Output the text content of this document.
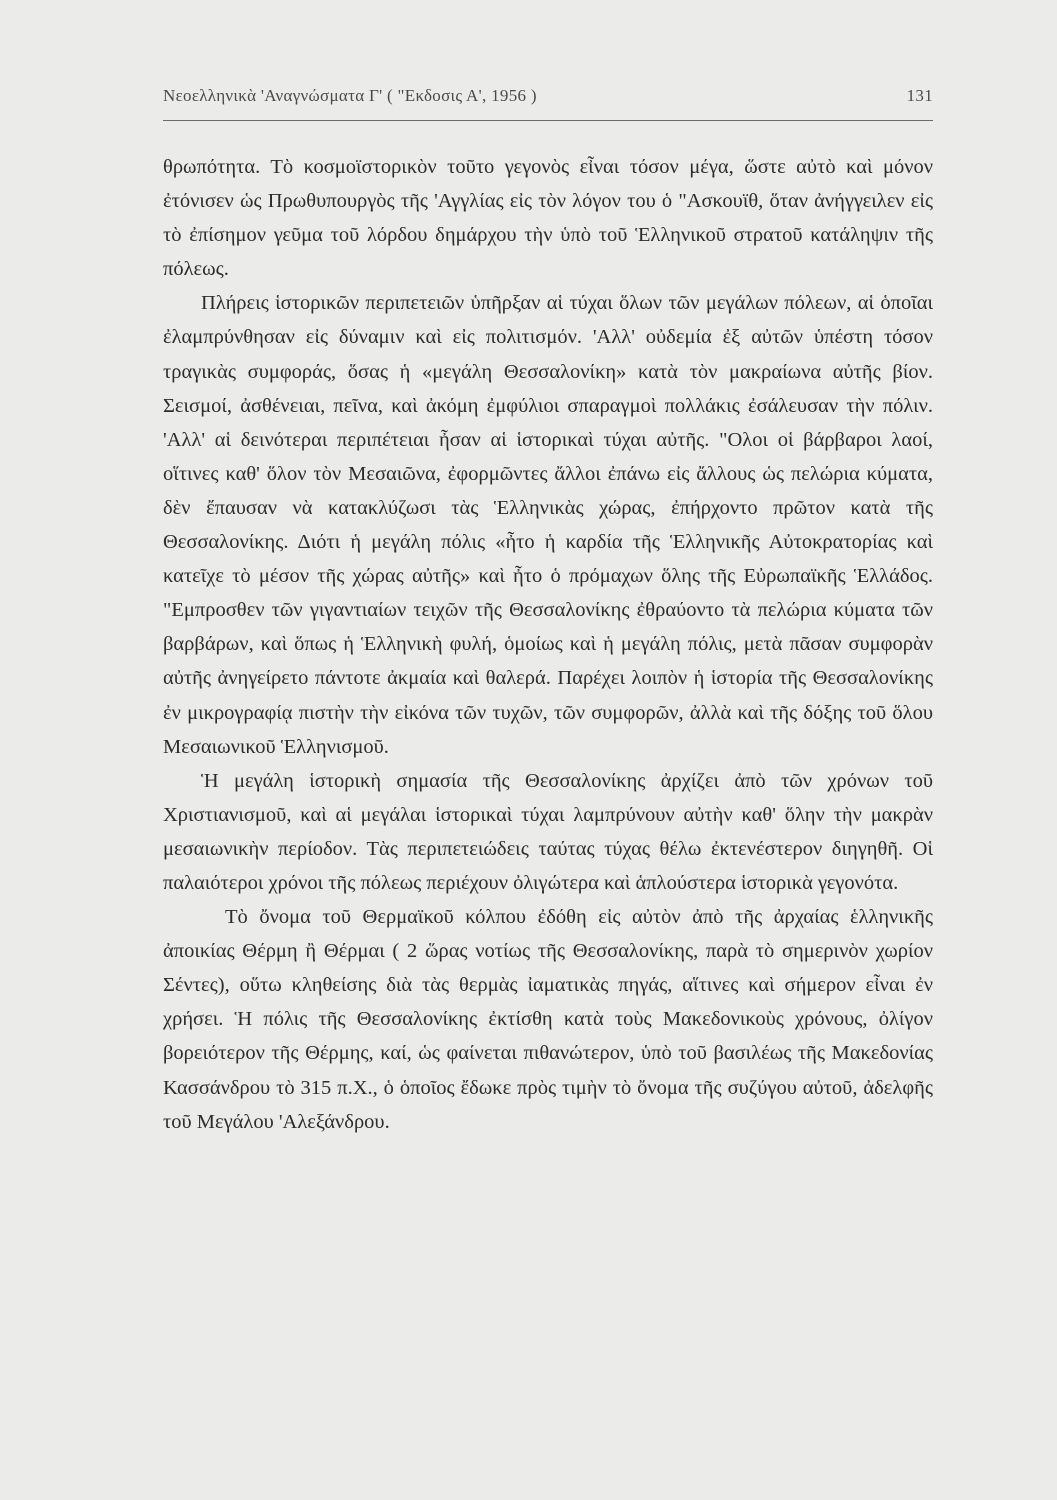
Νεοελληνικὰ 'Αναγνώσματα Γ' ( "Εκδοσις Α', 1956 )	131

θρωπότητα. Τὸ κοσμοϊστορικὸν τοῦτο γεγονὸς εἶναι τόσον μέγα, ὥστε αὐτὸ καὶ μόνον ἐτόνισεν ὡς Πρωθυπουργὸς τῆς 'Αγγλίας εἰς τὸν λόγον του ὁ "Ασκουϊθ, ὅταν ἀνήγγειλεν εἰς τὸ ἐπίσημον γεῦμα τοῦ λόρδου δημάρχου τὴν ὑπὸ τοῦ Ἑλληνικοῦ στρατοῦ κατάληψιν τῆς πόλεως.

Πλήρεις ἱστορικῶν περιπετειῶν ὑπῆρξαν αἱ τύχαι ὅλων τῶν μεγάλων πόλεων, αἱ ὁποῖαι ἐλαμπρύνθησαν εἰς δύναμιν καὶ εἰς πολιτισμόν. 'Αλλ' οὐδεμία ἐξ αὐτῶν ὑπέστη τόσον τραγικὰς συμφοράς, ὅσας ἡ «μεγάλη Θεσσαλονίκη» κατὰ τὸν μακραίωνα αὐτῆς βίον. Σεισμοί, ἀσθένειαι, πεῖνα, καὶ ἀκόμη ἐμφύλιοι σπαραγμοὶ πολλάκις ἐσάλευσαν τὴν πόλιν. 'Αλλ' αἱ δεινότεραι περιπέτειαι ἦσαν αἱ ἱστορικαὶ τύχαι αὐτῆς. "Ολοι οἱ βάρβαροι λαοί, οἵτινες καθ' ὅλον τὸν Μεσαιῶνα, ἐφορμῶντες ἄλλοι ἐπάνω εἰς ἄλλους ὡς πελώρια κύματα, δὲν ἔπαυσαν νὰ κατακλύζωσι τὰς Ἑλληνικὰς χώρας, ἐπήρχοντο πρῶτον κατὰ τῆς Θεσσαλονίκης. Διότι ἡ μεγάλη πόλις «ἦτο ἡ καρδία τῆς Ἑλληνικῆς Αὐτοκρατορίας καὶ κατεῖχε τὸ μέσον τῆς χώρας αὐτῆς» καὶ ἦτο ὁ πρόμαχων ὅλης τῆς Εὐρωπαϊκῆς Ἑλλάδος. "Εμπροσθεν τῶν γιγαντιαίων τειχῶν τῆς Θεσσαλονίκης ἐθραύοντο τὰ πελώρια κύματα τῶν βαρβάρων, καὶ ὅπως ἡ Ἑλληνικὴ φυλή, ὁμοίως καὶ ἡ μεγάλη πόλις, μετὰ πᾶσαν συμφορὰν αὐτῆς ἀνηγείρετο πάντοτε ἀκμαία καὶ θαλερά. Παρέχει λοιπὸν ἡ ἱστορία τῆς Θεσσαλονίκης ἐν μικρογραφίᾳ πιστὴν τὴν εἰκόνα τῶν τυχῶν, τῶν συμφορῶν, ἀλλὰ καὶ τῆς δόξης τοῦ ὅλου Μεσαιωνικοῦ Ἑλληνισμοῦ.

Ἡ μεγάλη ἱστορικὴ σημασία τῆς Θεσσαλονίκης ἀρχίζει ἀπὸ τῶν χρόνων τοῦ Χριστιανισμοῦ, καὶ αἱ μεγάλαι ἱστορικαὶ τύχαι λαμπρύνουν αὐτὴν καθ' ὅλην τὴν μακρὰν μεσαιωνικὴν περίοδον. Τὰς περιπετειώδεις ταύτας τύχας θέλω ἐκτενέστερον διηγηθῆ. Οἱ παλαιότεροι χρόνοι τῆς πόλεως περιέχουν ὀλιγώτερα καὶ ἁπλούστερα ἱστορικὰ γεγονότα.

Τὸ ὄνομα τοῦ Θερμαϊκοῦ κόλπου ἐδόθη εἰς αὐτὸν ἀπὸ τῆς ἀρχαίας ἑλληνικῆς ἀποικίας Θέρμη ἢ Θέρμαι ( 2 ὥρας νοτίως τῆς Θεσσαλονίκης, παρὰ τὸ σημερινὸν χωρίον Σέντες), οὕτω κληθείσης διὰ τὰς θερμὰς ἰαματικὰς πηγάς, αἵτινες καὶ σήμερον εἶναι ἐν χρήσει. Ἡ πόλις τῆς Θεσσαλονίκης ἐκτίσθη κατὰ τοὺς Μακεδονικοὺς χρόνους, ὀλίγον βορειότερον τῆς Θέρμης, καί, ὡς φαίνεται πιθανώτερον, ὑπὸ τοῦ βασιλέως τῆς Μακεδονίας Κασσάνδρου τὸ 315 π.Χ., ὁ ὁποῖος ἔδωκε πρὸς τιμὴν τὸ ὄνομα τῆς συζύγου αὐτοῦ, ἀδελφῆς τοῦ Μεγάλου 'Αλεξάνδρου.
